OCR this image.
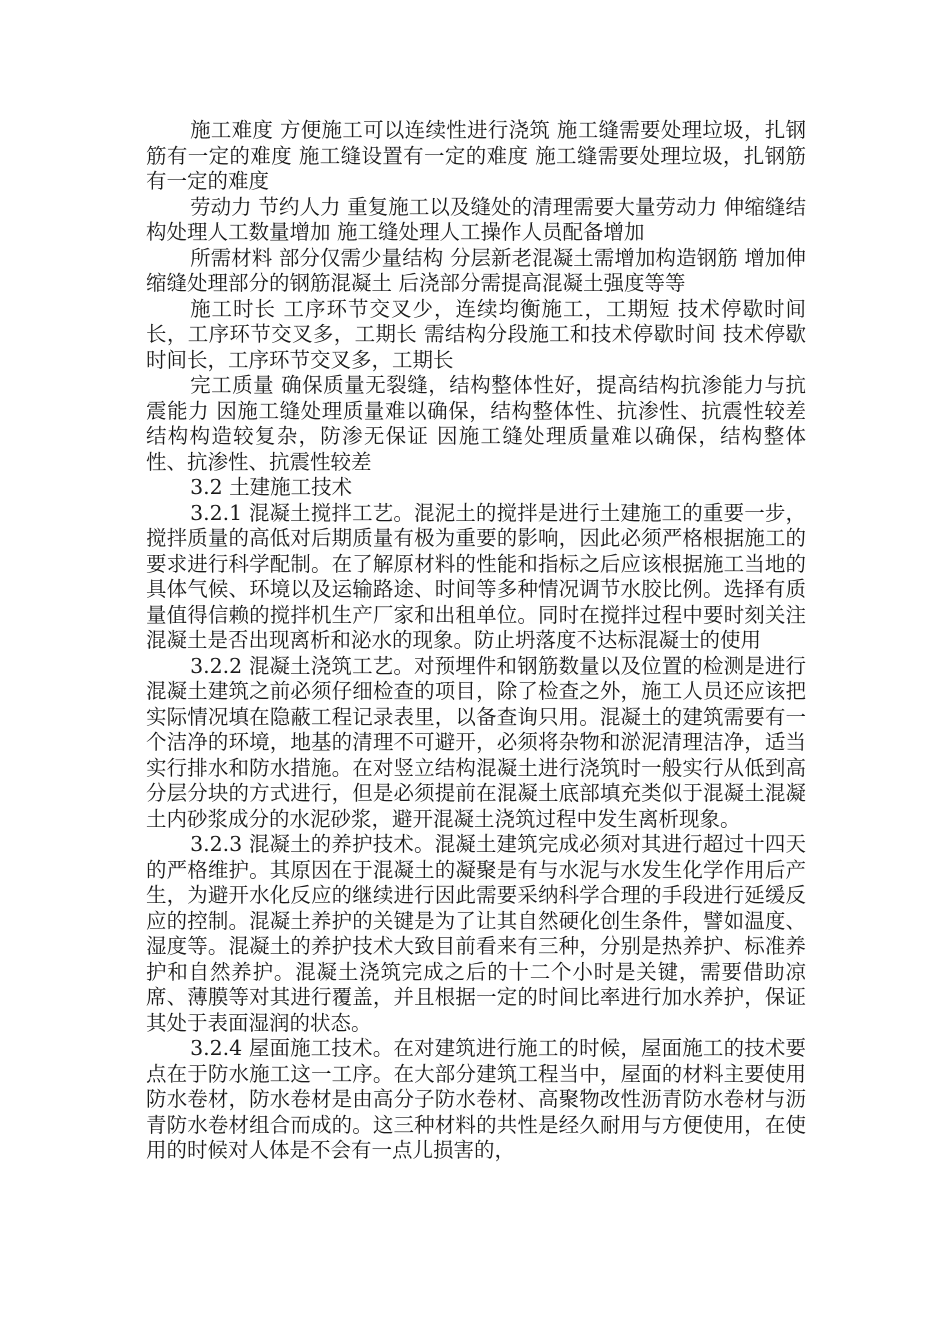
施工难度 方便施工可以连续性进行浇筑 施工缝需要处理垃圾，扎钢筋有一定的难度 施工缝设置有一定的难度 施工缝需要处理垃圾，扎钢筋有一定的难度

劳动力 节约人力 重复施工以及缝处的清理需要大量劳动力 伸缩缝结构处理人工数量增加 施工缝处理人工操作人员配备增加

所需材料 部分仅需少量结构 分层新老混凝土需增加构造钢筋 增加伸缩缝处理部分的钢筋混凝土 后浇部分需提高混凝土强度等等

施工时长 工序环节交叉少，连续均衡施工，工期短 技术停歇时间长，工序环节交叉多，工期长 需结构分段施工和技术停歇时间 技术停歇时间长，工序环节交叉多，工期长

完工质量 确保质量无裂缝，结构整体性好，提高结构抗渗能力与抗震能力 因施工缝处理质量难以确保，结构整体性、抗渗性、抗震性较差 结构构造较复杂，防渗无保证 因施工缝处理质量难以确保，结构整体性、抗渗性、抗震性较差

3.2 土建施工技术

3.2.1 混凝土搅拌工艺。混泥土的搅拌是进行土建施工的重要一步，搅拌质量的高低对后期质量有极为重要的影响，因此必须严格根据施工的要求进行科学配制。在了解原材料的性能和指标之后应该根据施工当地的具体气候、环境以及运输路途、时间等多种情况调节水胶比例。选择有质量值得信赖的搅拌机生产厂家和出租单位。同时在搅拌过程中要时刻关注混凝土是否出现离析和泌水的现象。防止坍落度不达标混凝士的使用

3.2.2 混凝土浇筑工艺。对预埋件和钢筋数量以及位置的检测是进行混凝土建筑之前必须仔细检查的项目，除了检查之外，施工人员还应该把实际情况填在隐蔽工程记录表里，以备查询只用。混凝土的建筑需要有一个洁净的环境，地基的清理不可避开，必须将杂物和淤泥清理洁净，适当实行排水和防水措施。在对竖立结构混凝土进行浇筑时一般实行从低到高分层分块的方式进行，但是必须提前在混凝土底部填充类似于混凝土混凝土内砂浆成分的水泥砂浆，避开混凝土浇筑过程中发生离析现象。

3.2.3 混凝土的养护技术。混凝土建筑完成必须对其进行超过十四天的严格维护。其原因在于混凝土的凝聚是有与水泥与水发生化学作用后产生，为避开水化反应的继续进行因此需要采纳科学合理的手段进行延缓反应的控制。混凝土养护的关键是为了让其自然硬化创生条件，譬如温度、湿度等。混凝土的养护技术大致目前看来有三种，分别是热养护、标准养护和自然养护。混凝土浇筑完成之后的十二个小时是关键，需要借助凉席、薄膜等对其进行覆盖，并且根据一定的时间比率进行加水养护，保证其处于表面湿润的状态。

3.2.4 屋面施工技术。在对建筑进行施工的时候，屋面施工的技术要点在于防水施工这一工序。在大部分建筑工程当中，屋面的材料主要使用防水卷材，防水卷材是由高分子防水卷材、高聚物改性沥青防水卷材与沥青防水卷材组合而成的。这三种材料的共性是经久耐用与方便使用，在使用的时候对人体是不会有一点儿损害的，
